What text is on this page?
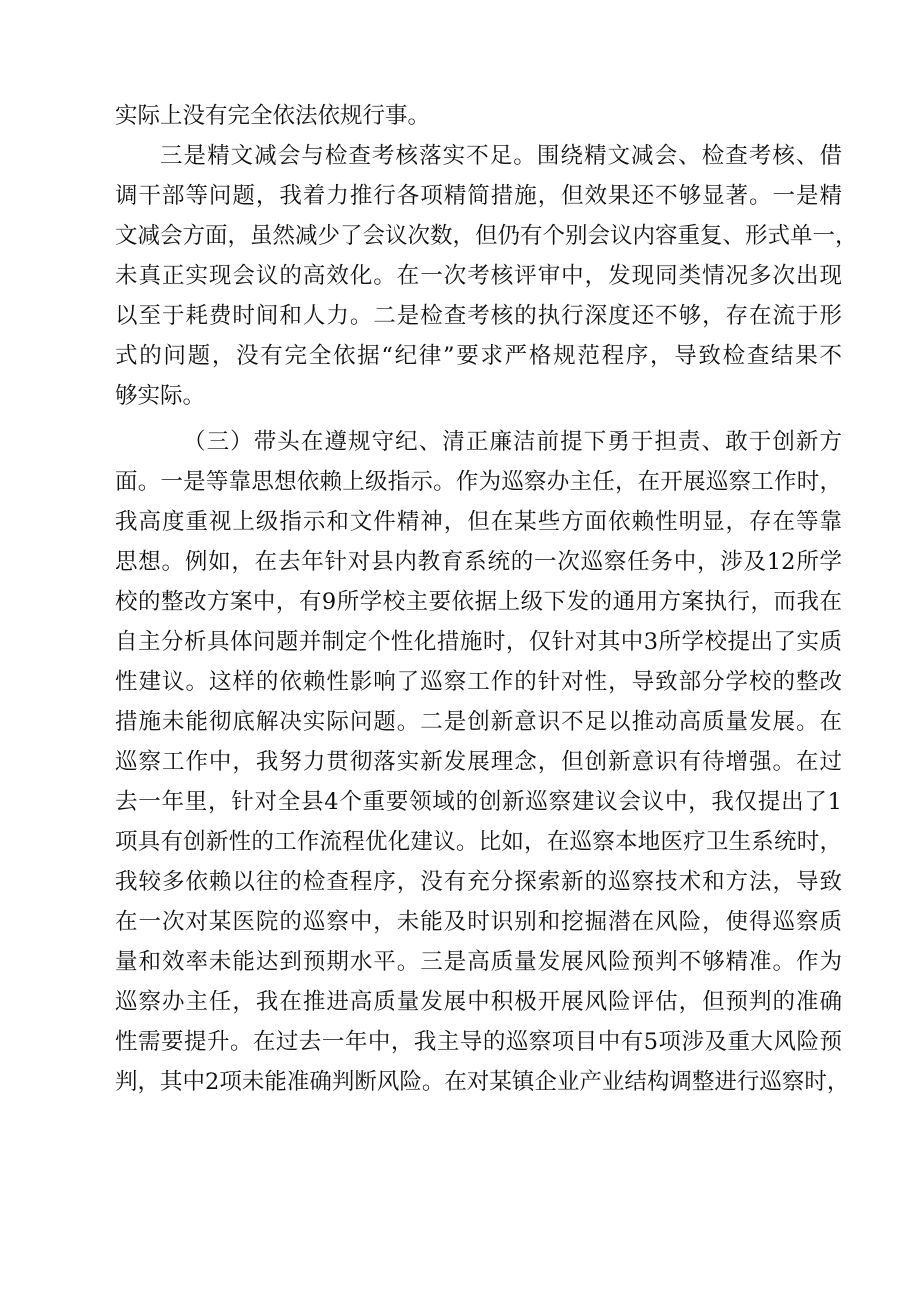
实际上没有完全依法依规行事。
三是精文减会与检查考核落实不足。围绕精文减会、检查考核、借
调干部等问题，我着力推行各项精简措施，但效果还不够显著。一是精
文减会方面，虽然减少了会议次数，但仍有个别会议内容重复、形式单一，
未真正实现会议的高效化。在一次考核评审中，发现同类情况多次出现
以至于耗费时间和人力。二是检查考核的执行深度还不够，存在流于形
式的问题，没有完全依据“纪律”要求严格规范程序，导致检查结果不
够实际。
（三）带头在遵规守纪、清正廉洁前提下勇于担责、敢于创新方
面。一是等靠思想依赖上级指示。作为巡察办主任，在开展巡察工作时，
我高度重视上级指示和文件精神，但在某些方面依赖性明显，存在等靠
思想。例如，在去年针对县内教育系统的一次巡察任务中，涉及12所学
校的整改方案中，有9所学校主要依据上级下发的通用方案执行，而我在
自主分析具体问题并制定个性化措施时，仅针对其中3所学校提出了实质
性建议。这样的依赖性影响了巡察工作的针对性，导致部分学校的整改
措施未能彻底解决实际问题。二是创新意识不足以推动高质量发展。在
巡察工作中，我努力贯彻落实新发展理念，但创新意识有待增强。在过
去一年里，针对全县4个重要领域的创新巡察建议会议中，我仅提出了1
项具有创新性的工作流程优化建议。比如，在巡察本地医疗卫生系统时，
我较多依赖以往的检查程序，没有充分探索新的巡察技术和方法，导致
在一次对某医院的巡察中，未能及时识别和挖掘潜在风险，使得巡察质
量和效率未能达到预期水平。三是高质量发展风险预判不够精准。作为
巡察办主任，我在推进高质量发展中积极开展风险评估，但预判的准确
性需要提升。在过去一年中，我主导的巡察项目中有5项涉及重大风险预
判，其中2项未能准确判断风险。在对某镇企业产业结构调整进行巡察时，
